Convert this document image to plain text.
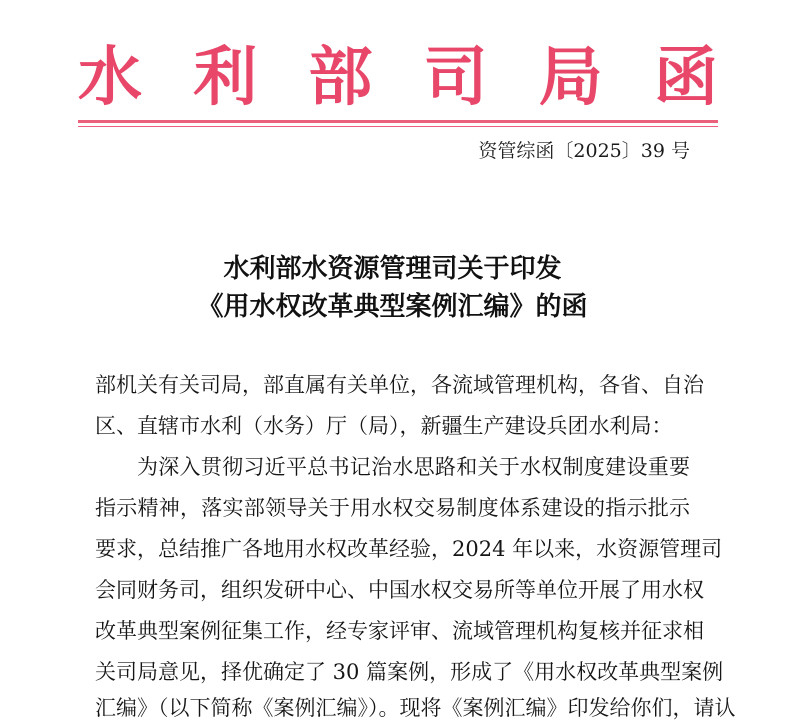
水 利 部 司 局 函
资管综函〔2025〕39 号
水利部水资源管理司关于印发
《用水权改革典型案例汇编》的函
部机关有关司局，部直属有关单位，各流域管理机构，各省、自治
区、直辖市水利（水务）厅（局），新疆生产建设兵团水利局：
为深入贯彻习近平总书记治水思路和关于水权制度建设重要
指示精神，落实部领导关于用水权交易制度体系建设的指示批示
要求，总结推广各地用水权改革经验，2024 年以来，水资源管理司
会同财务司，组织发研中心、中国水权交易所等单位开展了用水权
改革典型案例征集工作，经专家评审、流域管理机构复核并征求相
关司局意见，择优确定了 30 篇案例，形成了《用水权改革典型案例
汇编》（以下简称《案例汇编》）。现将《案例汇编》印发给你们，请认
